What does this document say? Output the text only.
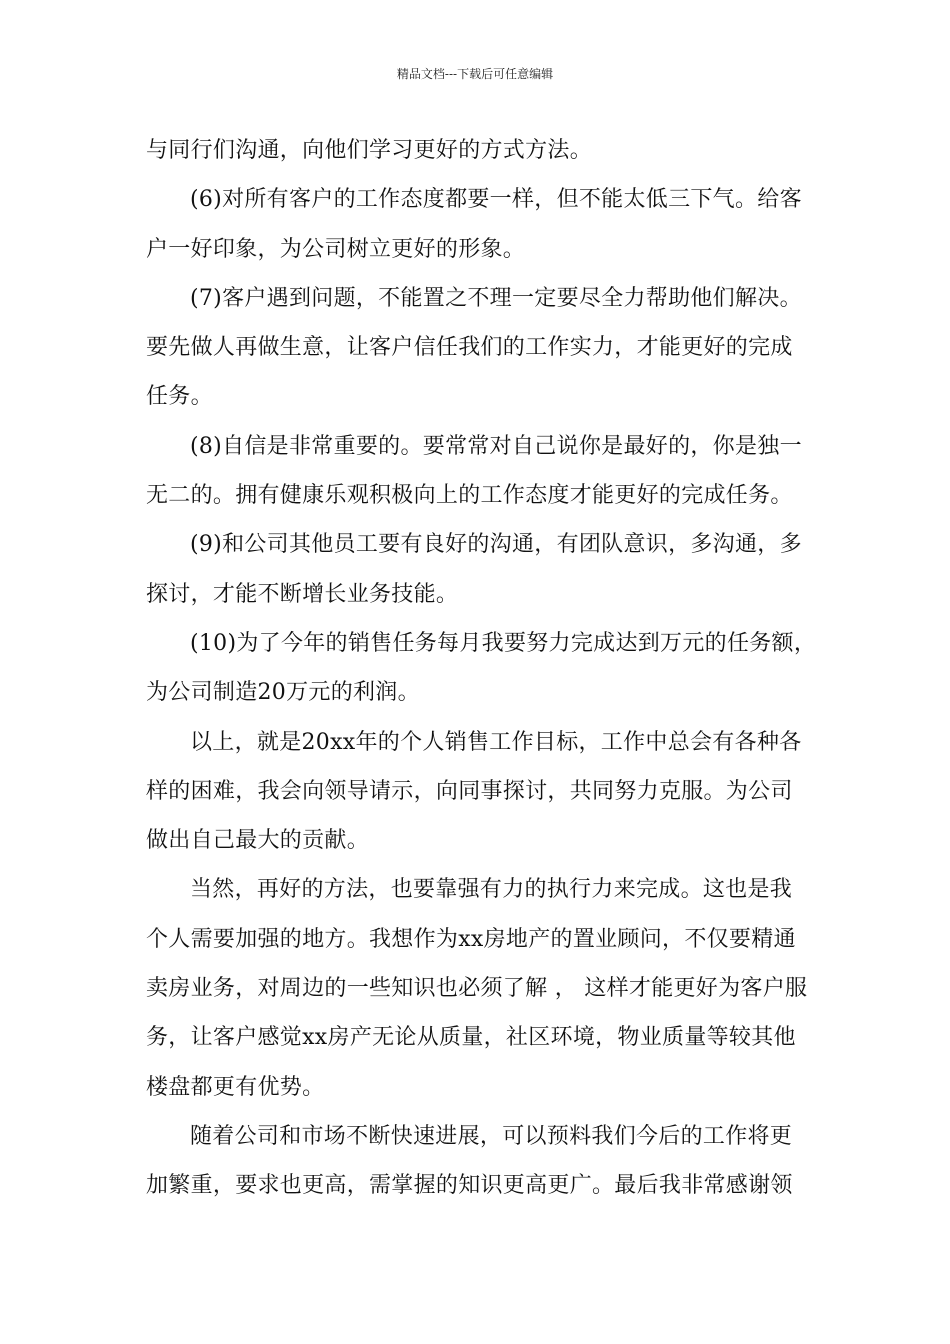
精品文档---下载后可任意编辑
与同行们沟通，向他们学习更好的方式方法。
(6)对所有客户的工作态度都要一样，但不能太低三下气。给客
户一好印象，为公司树立更好的形象。
(7)客户遇到问题，不能置之不理一定要尽全力帮助他们解决。
要先做人再做生意，让客户信任我们的工作实力，才能更好的完成
任务。
(8)自信是非常重要的。要常常对自己说你是最好的，你是独一
无二的。拥有健康乐观积极向上的工作态度才能更好的完成任务。
(9)和公司其他员工要有良好的沟通，有团队意识，多沟通，多
探讨，才能不断增长业务技能。
(10)为了今年的销售任务每月我要努力完成达到万元的任务额，
为公司制造20万元的利润。
以上，就是20xx年的个人销售工作目标，工作中总会有各种各
样的困难，我会向领导请示，向同事探讨，共同努力克服。为公司
做出自己最大的贡献。
当然，再好的方法，也要靠强有力的执行力来完成。这也是我
个人需要加强的地方。我想作为xx房地产的置业顾问，不仅要精通
卖房业务，对周边的一些知识也必须了解 ， 这样才能更好为客户服
务，让客户感觉xx房产无论从质量，社区环境，物业质量等较其他
楼盘都更有优势。
随着公司和市场不断快速进展，可以预料我们今后的工作将更
加繁重，要求也更高，需掌握的知识更高更广。最后我非常感谢领
